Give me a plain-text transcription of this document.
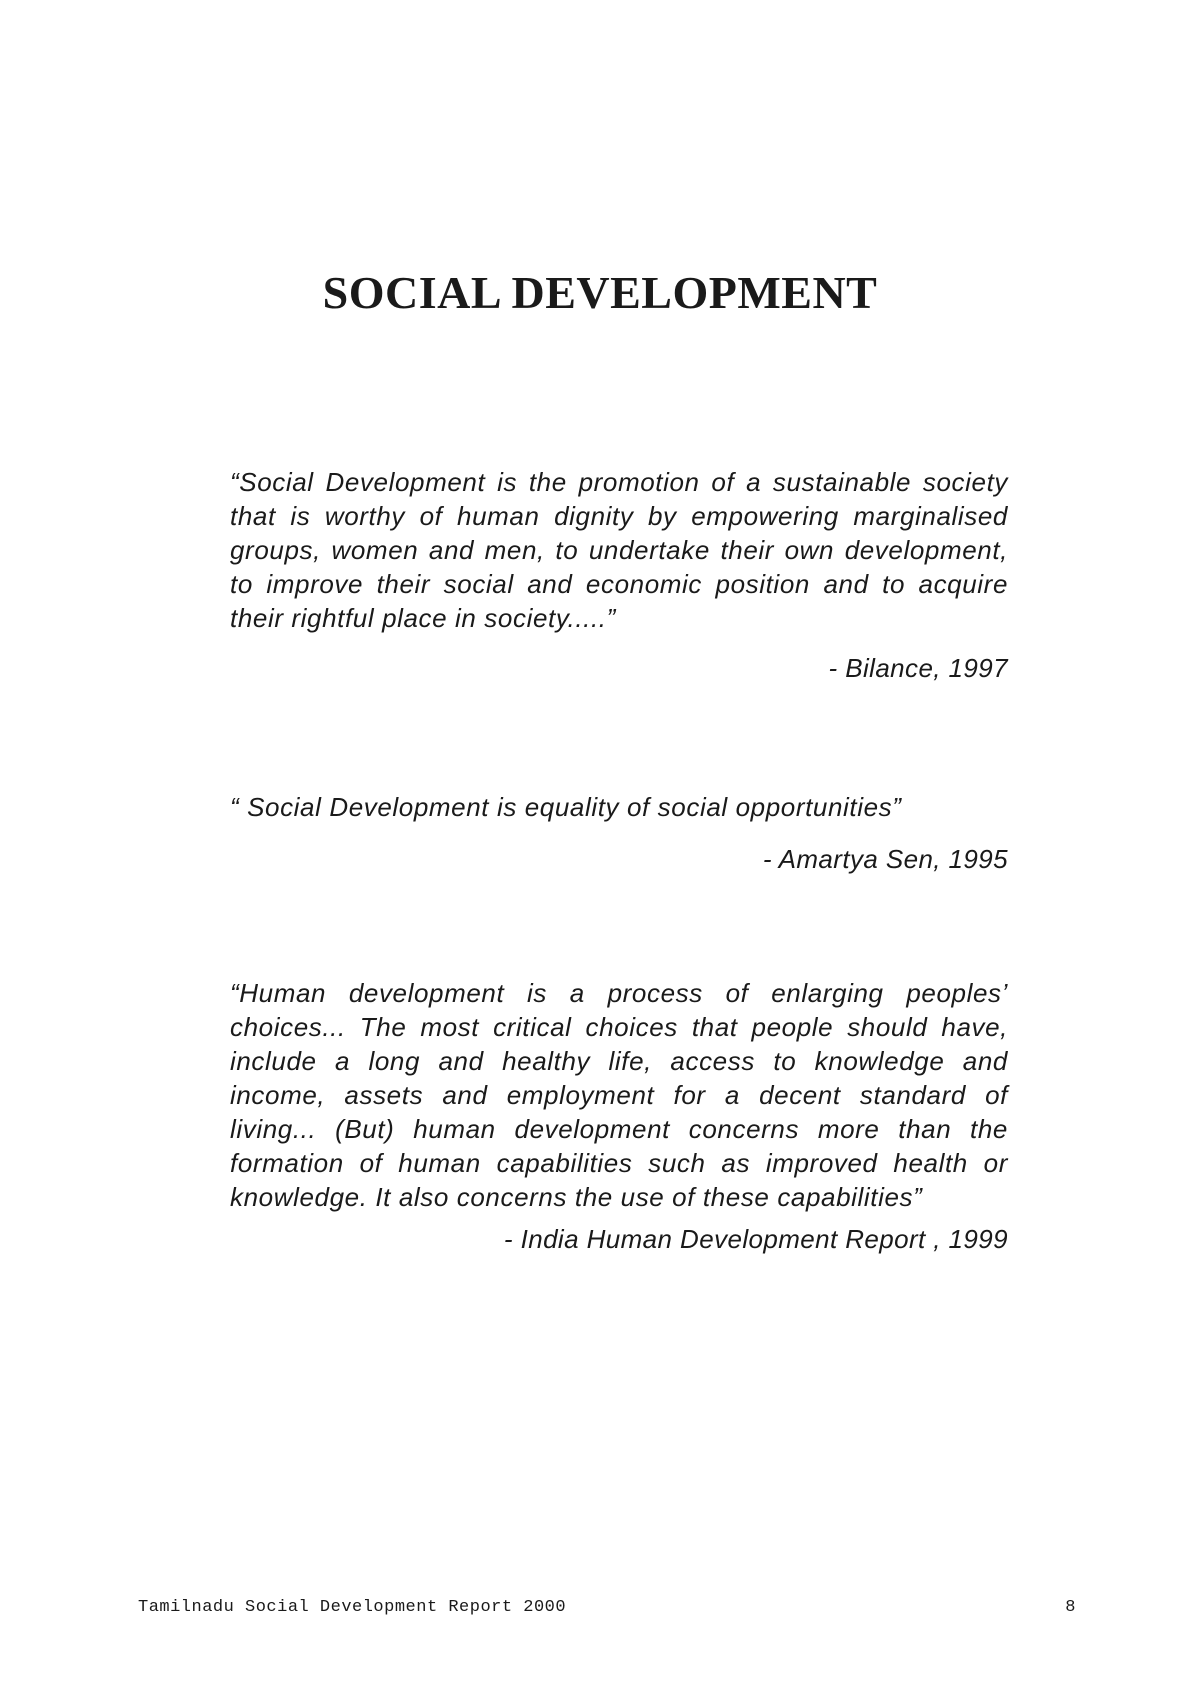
SOCIAL DEVELOPMENT

“Social Development is the promotion of a sustainable society that is worthy of human dignity by empowering marginalised groups, women and men, to undertake their own development, to improve their social and economic position and to acquire their rightful place in society.....”

- Bilance, 1997

“ Social Development is equality of social opportunities”

- Amartya Sen, 1995

“Human development is a process of enlarging peoples’ choices... The most critical choices that people should have, include a long and healthy life, access to knowledge and income, assets and employment for a decent standard of living... (But) human development concerns more than the formation of human capabilities such as improved health or knowledge. It also concerns the use of these capabilities”

- India Human Development Report , 1999

Tamilnadu Social Development Report 2000	8
